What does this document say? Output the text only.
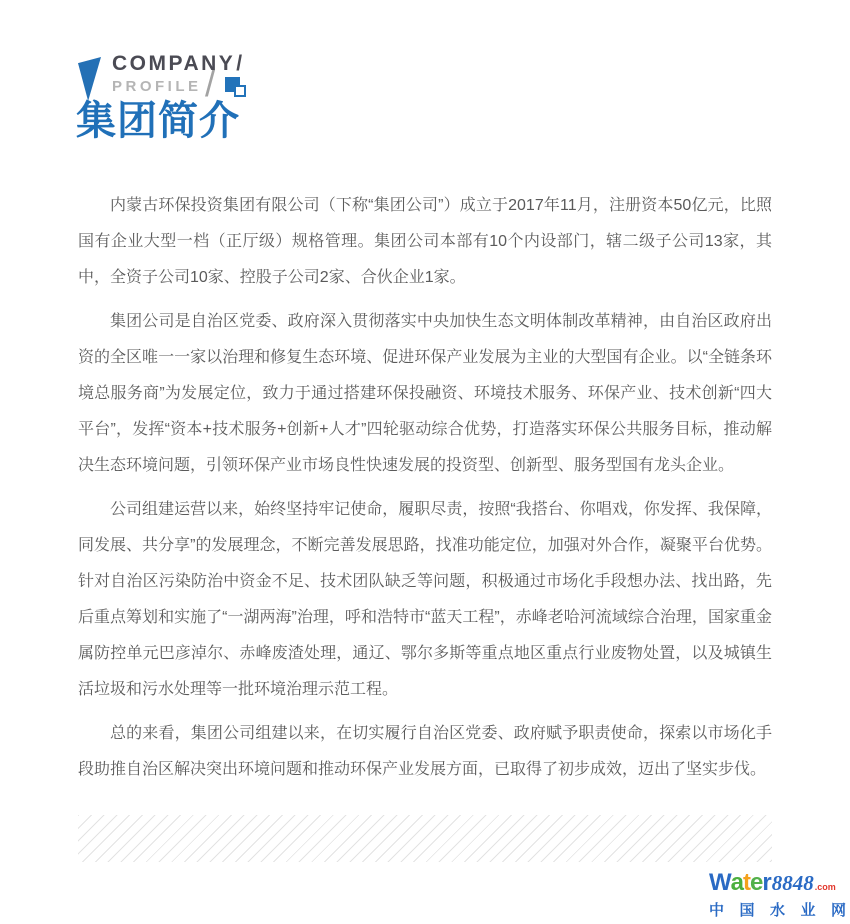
COMPANY/
PROFILE /
集团简介

内蒙古环保投资集团有限公司（下称“集团公司”）成立于2017年11月，注册资本50亿元，比照国有企业大型一档（正厅级）规格管理。集团公司本部有10个内设部门，辖二级子公司13家，其中，全资子公司10家、控股子公司2家、合伙企业1家。

集团公司是自治区党委、政府深入贯彻落实中央加快生态文明体制改革精神，由自治区政府出资的全区唯一一家以治理和修复生态环境、促进环保产业发展为主业的大型国有企业。以“全链条环境总服务商”为发展定位，致力于通过搭建环保投融资、环境技术服务、环保产业、技术创新“四大平台”，发挥“资本+技术服务+创新+人才”四轮驱动综合优势，打造落实环保公共服务目标，推动解决生态环境问题，引领环保产业市场良性快速发展的投资型、创新型、服务型国有龙头企业。

公司组建运营以来，始终坚持牢记使命，履职尽责，按照“我搭台、你唱戏，你发挥、我保障，同发展、共分享”的发展理念，不断完善发展思路，找准功能定位，加强对外合作，凝聚平台优势。针对自治区污染防治中资金不足、技术团队缺乏等问题，积极通过市场化手段想办法、找出路，先后重点筹划和实施了“一湖两海”治理，呼和浩特市“蓝天工程”，赤峰老哈河流域综合治理，国家重金属防控单元巴彦淖尔、赤峰废渣处理，通辽、鄂尔多斯等重点地区重点行业废物处置，以及城镇生活垃圾和污水处理等一批环境治理示范工程。

总的来看，集团公司组建以来，在切实履行自治区党委、政府赋予职责使命，探索以市场化手段助推自治区解决突出环境问题和推动环保产业发展方面，已取得了初步成效，迈出了坚实步伐。

W a t e r 8848 .com
中 国 水 业 网
